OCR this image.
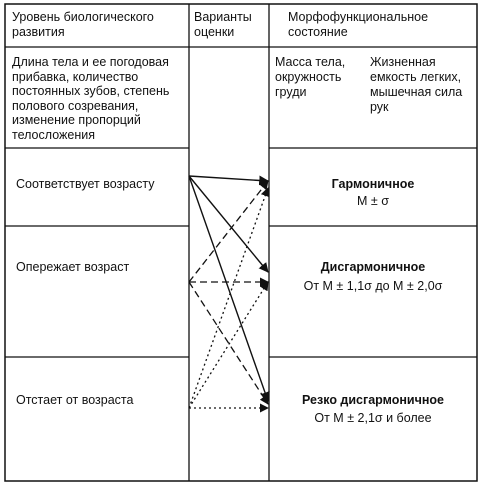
Уровень биологического развития
Варианты оценки
Морфофункциональное состояние
Длина тела и ее погодовая прибавка, количество постоянных зубов, степень полового созревания, изменение пропорций телосложения
Масса тела, окружность груди
Жизненная емкость легких, мышечная сила рук
Соответствует возрасту
Опережает возраст
Отстает от возраста
Гармоничное
M ± σ
Дисгармоничное
От M ± 1,1σ до M ± 2,0σ
Резко дисгармоничное
От M ± 2,1σ и более
